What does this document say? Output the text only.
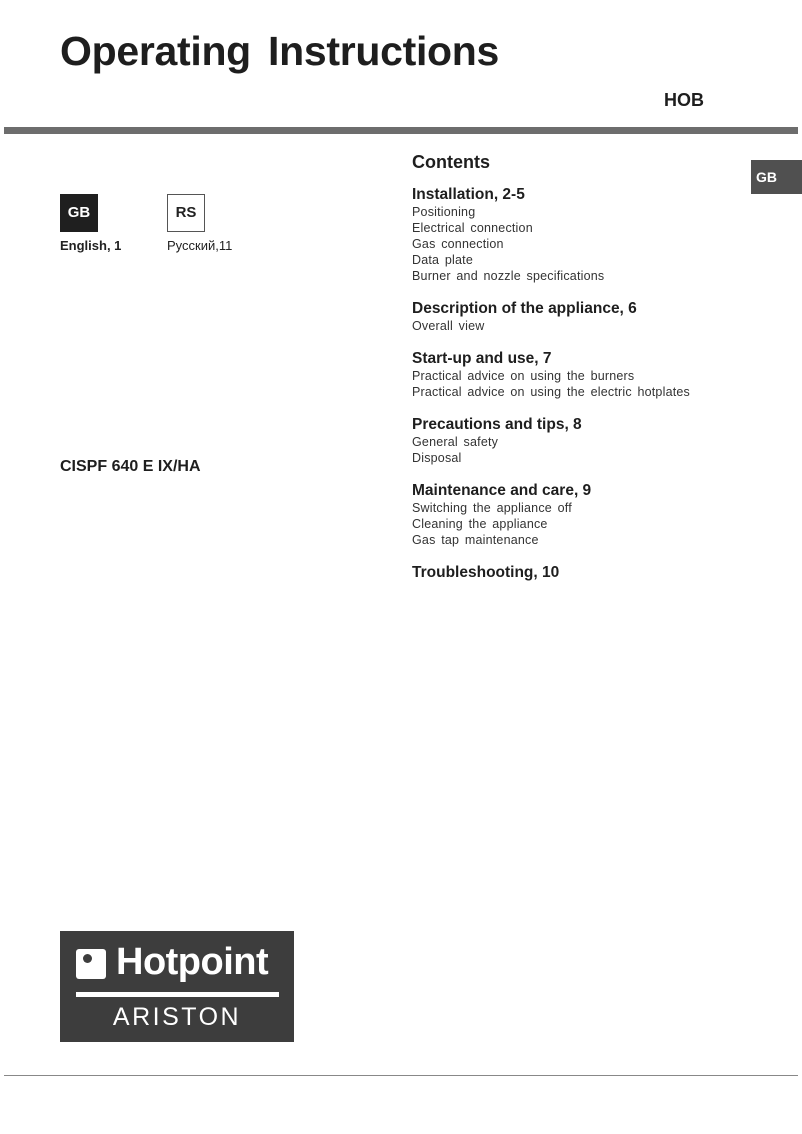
Operating Instructions
HOB
GB
GB	RS
English, 1	Русский,11
CISPF 640 E IX/HA
Contents
Installation, 2-5
Positioning
Electrical connection
Gas connection
Data plate
Burner and nozzle specifications
Description of the appliance, 6
Overall view
Start-up and use, 7
Practical advice on using the burners
Practical advice on using the electric hotplates
Precautions and tips, 8
General safety
Disposal
Maintenance and care, 9
Switching the appliance off
Cleaning the appliance
Gas tap maintenance
Troubleshooting, 10
Hotpoint
ARISTON
